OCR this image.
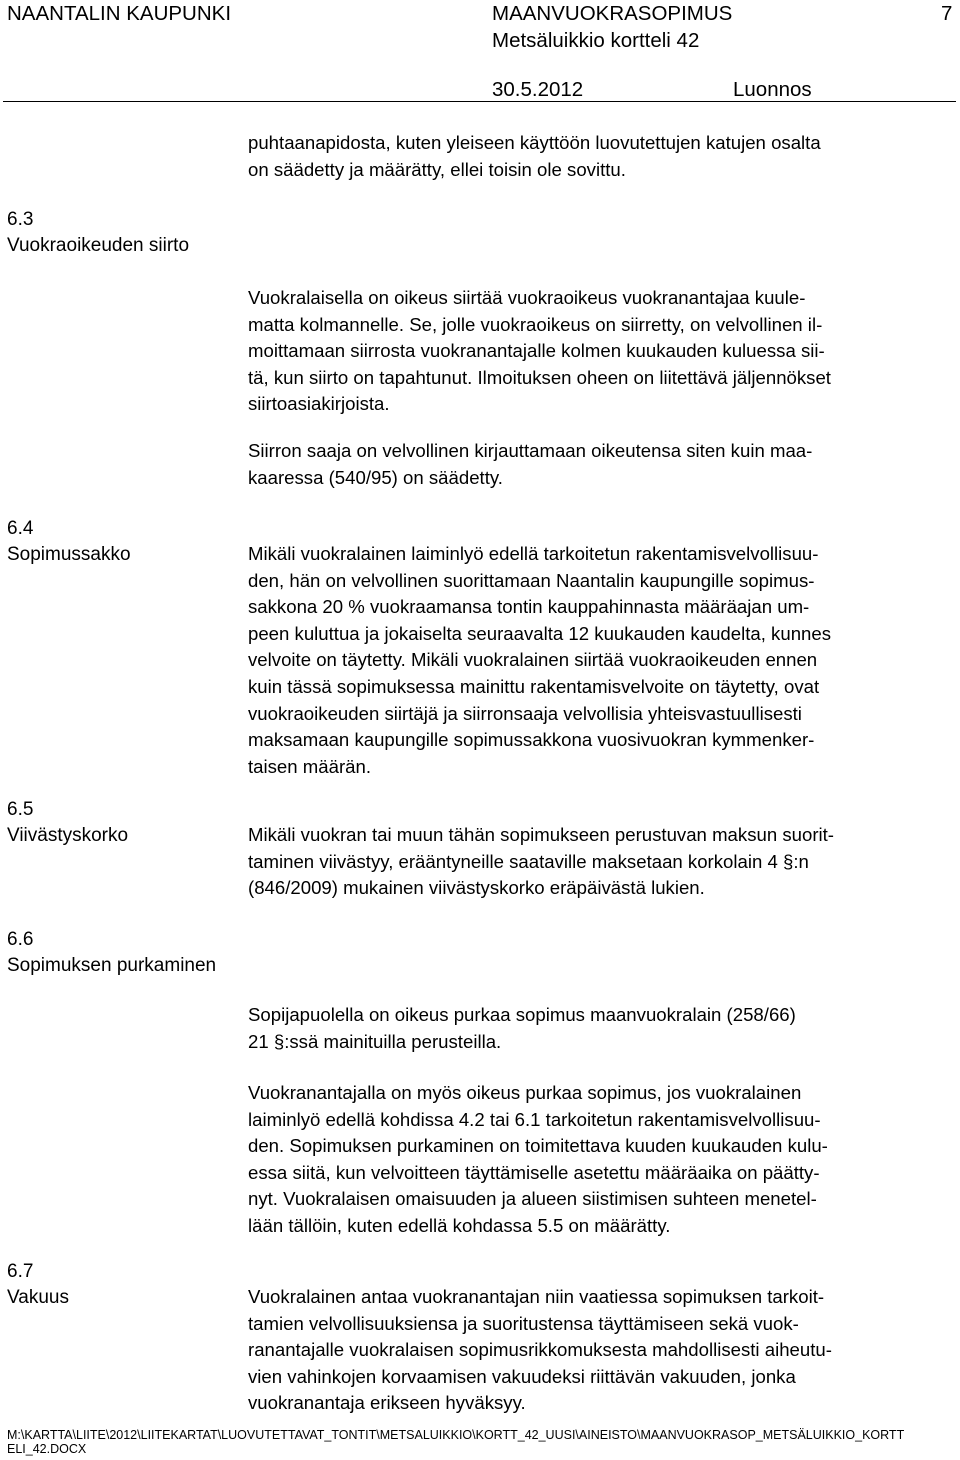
NAANTALIN KAUPUNKI	MAANVUOKRASOPIMUS	7
Metsäluikkio kortteli 42
30.5.2012	Luonnos
puhtaanapidosta, kuten yleiseen käyttöön luovutettujen katujen osalta
on säädetty ja määrätty, ellei toisin ole sovittu.
6.3
Vuokraoikeuden siirto
Vuokralaisella on oikeus siirtää vuokraoikeus vuokranantajaa kuule-
matta kolmannelle. Se, jolle vuokraoikeus on siirretty, on velvollinen il-
moittamaan siirrosta vuokranantajalle kolmen kuukauden kuluessa sii-
tä, kun siirto on tapahtunut. Ilmoituksen oheen on liitettävä jäljennökset
siirtoasiakirjoista.
Siirron saaja on velvollinen kirjauttamaan oikeutensa siten kuin maa-
kaaressa (540/95) on säädetty.
6.4
Sopimussakko	Mikäli vuokralainen laiminlyö edellä tarkoitetun rakentamisvelvollisuu-
den, hän on velvollinen suorittamaan Naantalin kaupungille sopimus-
sakkona 20 % vuokraamansa tontin kauppahinnasta määräajan um-
peen kuluttua ja jokaiselta seuraavalta 12 kuukauden kaudelta, kunnes
velvoite on täytetty. Mikäli vuokralainen siirtää vuokraoikeuden ennen
kuin tässä sopimuksessa mainittu rakentamisvelvoite on täytetty, ovat
vuokraoikeuden siirtäjä ja siirronsaaja velvollisia yhteisvastuullisesti
maksamaan kaupungille sopimussakkona vuosivuokran kymmenker-
taisen määrän.
6.5
Viivästyskorko	Mikäli vuokran tai muun tähän sopimukseen perustuvan maksun suorit-
taminen viivästyy, erääntyneille saataville maksetaan korkolain 4 §:n
(846/2009) mukainen viivästyskorko eräpäivästä lukien.
6.6
Sopimuksen purkaminen
Sopijapuolella on oikeus purkaa sopimus maanvuokralain (258/66)
21 §:ssä mainituilla perusteilla.
Vuokranantajalla on myös oikeus purkaa sopimus, jos vuokralainen
laiminlyö edellä kohdissa 4.2 tai 6.1 tarkoitetun rakentamisvelvollisuu-
den. Sopimuksen purkaminen on toimitettava kuuden kuukauden kulu-
essa siitä, kun velvoitteen täyttämiselle asetettu määräaika on päätty-
nyt. Vuokralaisen omaisuuden ja alueen siistimisen suhteen menetel-
lään tällöin, kuten edellä kohdassa 5.5 on määrätty.
6.7
Vakuus	Vuokralainen antaa vuokranantajan niin vaatiessa sopimuksen tarkoit-
tamien velvollisuuksiensa ja suoritustensa täyttämiseen sekä vuok-
ranantajalle vuokralaisen sopimusrikkomuksesta mahdollisesti aiheutu-
vien vahinkojen korvaamisen vakuudeksi riittävän vakuuden, jonka
vuokranantaja erikseen hyväksyy.
M:\KARTTA\LIITE\2012\LIITEKARTAT\LUOVUTETTAVAT_TONTIT\METSALUIKKIO\KORTT_42_UUSI\AINEISTO\MAANVUOKRASOP_METSÄLUIKKIO_KORTT
ELI_42.DOCX
